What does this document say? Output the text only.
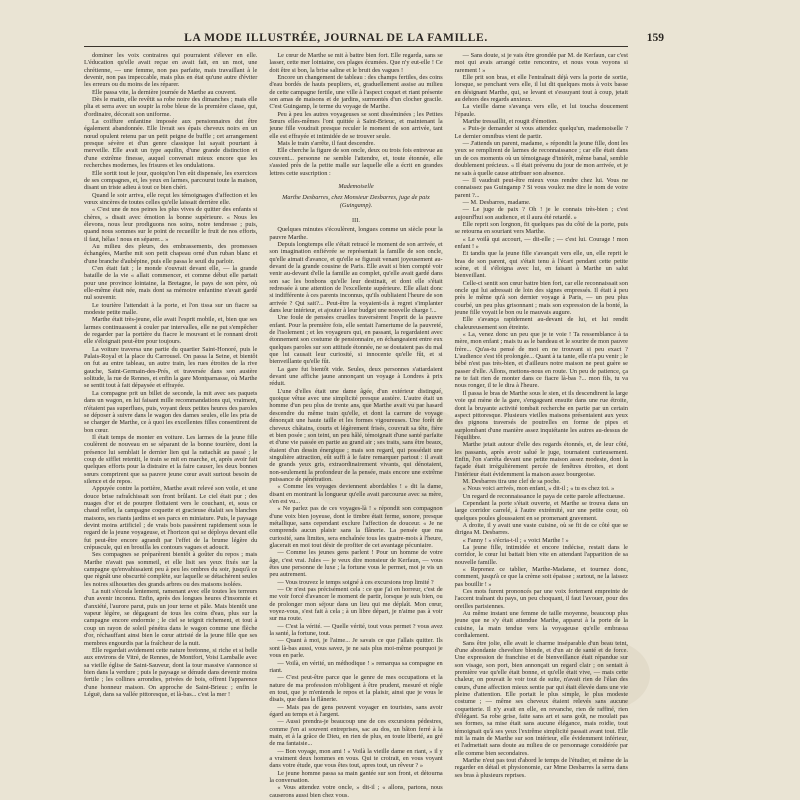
LA MODE ILLUSTRÉE, JOURNAL DE LA FAMILLE.	159

dominer les voix contraires qui pourraient s'élever en elle. L'éducation qu'elle avait reçue en avait fait, en un mot, une chrétienne, — une femme, non pas parfaite, mais travaillant à le devenir, non pas impeccable, mais plus en état qu'une autre d'éviter les erreurs ou du moins de les réparer.

Elle passa vite, la dernière journée de Marthe au couvent.

Dès le matin, elle revêtit sa robe noire des dimanches ; mais elle plia et serra avec un soupir la robe bleue de la première classe, qui, d'ordinaire, décorait son uniforme.

La coiffure enfantine imposée aux pensionnaires dut être également abandonnée. Elle livrait ses épais cheveux noirs en un nœud opulent retenu par un petit peigne de buffle ; cet arrangement presque sévère et d'un genre classique lui sayait pourtant à merveille. Elle avait un type aquilin, d'une grande distinction et d'une extrême finesse, auquel convenait mieux encore que les recherches modernes, les frisures et les ondulations.

Elle sortit tout le jour, quoiqu'on l'en eût dispensée, les exercices de ses compagnes, et, les yeux en larmes, parcourut toute la maison, disant un triste adieu à tout ce bien chéri.

Quand le soir arriva, elle reçut les témoignages d'affection et les vœux sincères de toutes celles qu'elle laissait derrière elle.

« C'est une de nos peines les plus vives de quitter des enfants si chères, » disait avec émotion la bonne supérieure. « Nous les élevons, nous leur prodiguons nos soins, notre tendresse ; puis, quand nous sommes sur le point de recueillir le fruit de nos efforts, il faut, hélas ! nous en séparer... »

Au milieu des pleurs, des embrassements, des promesses échangées, Marthe mit son petit chapeau orné d'un ruban blanc et d'une branche d'aubépine, puis elle passa le seuil du parloir.

C'en était fait ; le monde s'ouvrait devant elle, — la grande bataille de la vie « allait commencer, et comme début elle partait pour une province lointaine, la Bretagne, le pays de son père, où elle-même était née, mais dont sa mémoire enfantine n'avait gardé nul souvenir.

Le tourière l'attendait à la porte, et l'on tissa sur un fiacre sa modeste petite malle.

Marthe était très-jeune, elle avait l'esprit mobile, et, bien que ses larmes continuassent à couler par intervalles, elle ne put s'empêcher de regarder par la portière du fiacre le mouvant et le ronnant droit elle s'éloignait peut-être pour toujours.

La voiture traversa une partie du quartier Saint-Honoré, puis le Palais-Royal et la place du Carrousel. On passa la Seine, et bientôt on fut au entre tableau, un autre train, les rues étroites de la rive gauche, Saint-Germain-des-Prés, et traversée dans son austère solitude, la rue de Rennes, et enfin la gare Montparnasse, où Marthe se sentit tout à fait dépaysée et effrayée.

La compagne prit un billet de seconde, la mit avec ses paquets dans un wagon, en lui faisant mille recommandations qui, vraiment, n'étaient pas superflues, puis, voyant deux petites heures des paroles se déposer à suivre dans le wagon des dames seules, elle les pria de se charger de Marthe, ce à quoi les excellentes filles consentirent de bon cœur.

Il était temps de monter en voiture. Les larmes de la jeune fille coulèrent de nouveau en se séparant de la bonne tourière, dont la présence lui semblait le dernier lien qui la rattachât au passé ; le coup de sifflet retentit, le train se mit en marche, et, après avoir fait quelques efforts pour la distraire et la faire causer, les deux bonnes sœurs comprirent que sa pauvre jeune cœur avait surtout besoin de silence et de repos.

Appuyée contre la portière, Marthe avait relevé son voile, et une douce brise rafraîchissait son front brûlant. Le ciel était pur ; des nuages d'or et de pourpre flottaient vers le couchant, et, sous ce chaud reflet, la campagne coquette et gracieuse étalait ses blanches maisons, ses riants jardins et ses parcs en miniature. Puis, le paysage devint moins artificiel ; de vrais bois passèrent rapidement sous le regard de la jeune voyageuse, et l'horizon qui se déploya devant elle fut peut-être encore agrandi par l'effet de la brume légère du crépuscule, qui en brouilla les contours vagues et adoucit.

Ses compagnes se préparèrent bientôt à goûter du repos ; mais Marthe n'avait pas sommeil, et elle lisit ses yeux fixés sur la campagne qu'envahissaient peu à peu les ombres du soir, jusqu'à ce que règnât une obscurité complète, sur laquelle se détachèrent seules les noires silhouettes des grands arbres ou des maisons isolées.

La nuit s'écoula lentement, ramenant avec elle toutes les terreurs d'un avenir inconnu. Enfin, après des longues heures d'insomnie et d'anxiété, l'aurore parut, puis un jour terne et pâle. Mais bientôt une vapeur légère, se dégageant de tous les coins d'eau, plus sur la campagne encore endormie ; le ciel se teignit richement, et tout à coup un rayon de soleil pénétra dans le wagon comme une flèche d'or, réchauffant ainsi bien le cœur attristé de la jeune fille que ses membres engourdis par la fraîcheur de la nuit.

Elle regardait avidement cette nature bretonne, si riche et si belle aux environs de Vitré, de Rennes, de Montfort, Voisi Lamballe avec sa vieille église de Saint-Sauveur, dont la tour massive s'annonce si bien dans la verdure ; puis le paysage se dénude dans devenir moins fertile ; les collines arrondies, privées de bois, offrent l'apparence d'une honneur maison. On approche de Saint-Brieuc ; enfin le Léguë, dans sa vallée pittoresque, et là-bas... c'est la mer !

Le cœur de Marthe se mit à battre bien fort. Elle regarda, sans se lasser, cette mer lointaine, ces plages écumées. Que n'y eut-elle ! Ce doit être si bon, la brise saline et le bruit des vagues !

Encore un changement de tableau : des champs fertiles, des coins d'eau bordés de hauts peupliers, et, graduellement assise au milieu de cette campagne fertile, une ville à l'aspect coquet et riant présente son amas de maisons et de jardins, surmontés d'un clocher gracile. C'est Guingamp, le terme du voyage de Marthe.

Peu à peu les autres voyageuses se sont disséminées ; les Petites Sœurs elles-mêmes l'ont quittée à Saint-Brieuc, et maintenant la jeune fille voudrait presque reculer le moment de son arrivée, tant elle est effrayée et intimidée de se trouver seule.

Mais le train s'arrête, il faut descendre.

Elle cherche la figure de son oncle, deux ou trois fois entrevue au couvent... personne ne semble l'attendre, et, toute étonnée, elle s'assied près de la petite malle sur laquelle elle a écrit en grandes lettres cette suscription :

Mademoiselle

Marthe Desbarres, chez Monsieur Desbarres, juge de paix (Guingamp).

III.

Quelques minutes s'écoulèrent, longues comme un siècle pour la pauvre Marthe.

Depuis longtemps elle s'était retracé le moment de son arrivée, et son imagination enfiévrée se représentait la famille de son oncle, qu'elle aimait d'avance, et qu'elle se figurait venant joyeusement au-devant de la grande cousine de Paris. Elle avait si bien compté voir venir au-devant d'elle la famille au complet, qu'elle avait gardé dans son sac les bonbons qu'elle leur destinait, et dont elle s'était redressée à une attention de l'excellente supérieure. Elle allait donc si indifférente à ces parents inconnus, qu'ils oubliaient l'heure de son arrivée ? Qui sait?... Peut-être la voyaient-ils à regret s'implanter dans leur intérieur, et ajouter à leur budget une nouvelle charge !...

Une foule de pensées cruelles traversèrent l'esprit de la pauvre enfant. Pour la première fois, elle sentait l'amertume de la pauvreté, de l'isolement ; et les voyageurs qui, en passant, la regardaient avec étonnement son costume de pensionnaire, en échangeaient entre eux quelques paroles sur son attitude étonnée, ne se doutaient pas du mal que lui causait leur curiosité, si innocente qu'elle fût, et si bienveillante qu'elle fût.

La gare fut bientôt vide. Seules, deux personnes s'attardaient devant une affiche jaune annonçant un voyage à Londres à prix réduit.

L'une d'elles était une dame âgée, d'un extérieur distingué, quoique vêtue avec une simplicité presque austère. L'autre était un homme d'un peu plus de trente ans, que Marthe avait vu par hasard descendre du même train qu'elle, et dont la carrure de voyage dénonçait une haute taille et les formes vigoureuses. Une forêt de cheveux châtains, courts et légèrement frisés, couvrait sa tête, fière et bien posée ; son teint, un peu hâlé, témoignait d'une santé parfaite et d'une vie passée en partie au grand air ; ses traits, sans être beaux, étaient d'un dessin énergique ; mais son regard, qui possédait une singulière attraction, eût suffi à le faire remarquer partout : il avait de grands yeux gris, extraordinairement vivants, qui dénotaient, non-seulement la profondeur de la pensée, mais encore une extrême puissance de pénétration.

« Comme les voyages deviennent abordables ! » dit la dame, disant en montrant la longueur qu'elle avait parcourue avec sa mère, s'en est vu...

« Ne parlez pas de ces voyages-là ! » répondit son compagnon d'une voix bien joyeuse, dont le timbre était ferme, sonore, presque métallique, sans cependant exclure l'affection de douceur. « Je ne comprends aucun plaisir sans la flânerie. La pensée que ma curiosité, sans limites, sera enchaînée tous les quatre-mois à l'heure, glacerait en moi tout désir de profiter de cet avantage pécuniaire.

— Comme les jeunes gens parlent ! Pour un homme de votre âge, c'est vrai. Jules — je veux dire monsieur de Kerfaun, — vous êtes une personne de luxe ; la fortune vous le permet, moi je vis un peu autrement.

— Vous trouvez le temps soigné à ces excursions trop limité ?

— Or n'est pas précisément cela : ce que j'ai en horreur, c'est de me voir forcé d'avancer le moment de partir, lorsque je suis bien, ou de prolonger mon séjour dans un lieu qui me déplaît. Mon cœur, voyez-vous, s'est fait à cela ; à un libre départ, je n'aime pas à voir sur ma route.

— C'est la vérité. — Quelle vérité, tout vous permet ? vous avez la santé, la fortune, tout.

— Quant à moi, je l'aime... Je savais ce que j'allais quitter. Ils sont là-bas aussi, vous savez, je ne sais plus moi-même pourquoi je vous en parle.

— Voilà, en vérité, un méthodique ! » remarqua sa compagne en riant.

— C'est peut-être parce que le genre de mes occupations et la nature de ma profession m'obligent à être prudent, mesuré et régle en tout, que je m'entends le repos et la plaisir, ainsi que je vous le disais, que dans la flânerie.

— Mais pas de gens peuvent voyager en touristes, sans avoir égard au temps et à l'argent.

— Aussi prendra-je beaucoup une de ces excursions pédestres, comme j'en ai souvent entreprises, sac au dos, un bâton ferré à la main, et à la grâce de Dieu, en rien de plus, en toute liberté, au gré de ma fantaisie...

— Bon voyage, mon ami ! « Voilà la vieille dame en riant, » il y a vraiment deux hommes en vous. Qui te croirait, en vous voyant dans votre étude, que vous êtes tout, apres tout, un rêveur ? »

Le jeune homme passa sa main gantée sur son front, et détourna la conversation.

« Vous attendez votre oncle, » dit-il ; « allons, partons, nous causerons aussi bien chez vous.

— Sans doute, si je vais être grondée par M. de Kerfaun, car c'est moi qui avais arrangé cette rencontre, et nous vous voyons si rarement ! »

Elle prit son bras, et elle l'entraînait déjà vers la porte de sortie, lorsque, se penchant vers elle, il lui dit quelques mots à voix basse en désignant Marthe, qui, se levant et s'essuyant tout à coup, jetait au dehors des regards anxieux.

La vieille dame s'avança vers elle, et lui toucha doucement l'épaule.

Marthe tressaillit, et rougit d'émotion.

« Puis-je demander si vous attendez quelqu'un, mademoiselle ? Le dernier omnibus vient de partir.

— J'attends un parent, madame, » répondit la jeune fille, dont les yeux se remplirent de larmes de reconnaissance ; car elle était dans un de ces moments où un témoignage d'intérêt, même banal, semble doublement précieux. « Il était prévenu du jour de mon arrivée, et je ne sais à quelle cause attribuer son absence.

— Il vaudrait peut-être mieux vous rendre chez lui. Vous ne connaissez pas Guingamp ? Si vous voulez me dire le nom de votre parent ?...

— M. Desbarres, madame.

— Le juge de paix ? Oh ! je le connais très-bien ; c'est aujourd'hui son audience, et il aura été retardé. »

Elle reprit son lorgnon, fit quelques pas du côté de la porte, puis se retourna en souriant vers Marthe.

« Le voilà qui accourt, — dit-elle ; — c'est lui. Courage ! mon enfant ! »

Et tandis que la jeune fille s'avançait vers elle, un, elle reprit le bras de son parent, qui s'était tenu à l'écart pendant cette petite scène, et il s'éloigna avec lui, en faisant à Marthe un salut bienveillant.

Celle-ci sentit son cœur battre bien fort, car elle reconnaissait son oncle qui lui adressait de loin des signes empressés. Il était à peu près le même qu'à son dernier voyage à Paris, — un peu plus courbé, un peu plus grisonnant ; mais son expression de la bonté, la jeune fille voyait le bon ou le mauvais augure.

Elle s'avança rapidement au-devant de lui, et lui rendit chaleureusement son étreinte.

« La, venez donc un peu que je te voie ! Ta ressemblance à ta mère, mon enfant ; mais tu as le bandeau et le sourire de mon pauvre frère... Qu'as-tu pensé de moi en ne trouvant si peu exact ? L'audience s'est tôt prolongée... Quant à ta tante, elle n'a pu venir ; le bébé n'est pas très-bien, et d'ailleurs notre maison ne peut guère se passer d'elle. Allons, mettons-nous en route. Un peu de patience, ça ne te fait rien de monter dans ce fiacre là-bas ?... mon fils, tu va nous ronger, il te le dira à l'heure.

Il passa le bras de Marthe sous le sien, et ils descendirent la large voie qui mène de la gare, s'engageant ensuite dans une rue étroite, dont la bruyante activité tombait recherche en partie par un certain aspect pittoresque. Plusieurs vieilles maisons présentaient aux yeux des pignons traversés de poutrelles en forme de pipes et surplombant d'une manière assez inquiétante les autres au-dessus de l'équilibre.

Marthe jetait autour d'elle des regards étonnés, et, de leur côté, les passants, après avoir salué le juge, tournaient curieusement. Enfin, l'on s'arrêta devant une petite maison assez modeste, dont la façade était irrégulièrement percée de fenêtres étroites, et dont l'intérieur était évidemment la maison assez bourgeoise.

M. Desbarres tira une clef de sa poche.

« Nous voici arrivés, mon enfant, » dit-il ; « tu es chez toi. »

Un regard de reconnaissance le paya de cette parole affectueuse.

Cependant la porte s'était ouverte, et Marthe se trouva dans un large corridor carrelé, à l'autre extrémité, sur une petite cour, où quelques poules gloussaient en se promenant gravement.

A droite, il y avait une vaste cuisine, où se fit de ce côté que se dirigea M. Desbarres.

« Fanny ! » s'écria-t-il ; « voici Marthe ! »

La jeune fille, intimidée et encore indécise, restait dans le corridor, le cœur lui battait bien vite en attendant l'apparition de sa nouvelle famille.

« Reprenez ce tablier, Marthe-Madame, et tournez donc, comment, jusqu'à ce que la crème soit épaisse ; surtout, ne la laissez pas bouillir ! »

Ces mots furent prononcés par une voix fortement empreinte de l'accent traînant du pays, un peu choquant, il faut l'avouer, pour des oreilles parisiennes.

Au même instant une femme de taille moyenne, beaucoup plus jeune que ne s'y était attendue Marthe, apparut à la porte de la cuisine, la main tendue vers la voyageuse qu'elle embrassa cordialement.

Sans être jolie, elle avait le charme inséparable d'un beau teint, d'une abondante chevelure blonde, et d'un air de santé et de force. Une expression de franchise et de bienveillance était répandue sur son visage, son port, bien annonçait un regard clair ; on sentait à première vue qu'elle était bonne, et qu'elle était vive, — mais cette chaleur, on pouvait le voir tout de suite, n'avait rien de l'élan des cœurs, d'une affection mieux sentie par qui était élevée dans une vie pleine d'attention. Elle portait le plus simple, le plus modeste costume ; — même ses cheveux étaient relevés sans aucune coquetterie. Il n'y avait en elle, en revanche, rien de raffiné, rien d'élégant. Sa robe grise, faite sans art et sans goût, ne moulait pas ses formes, sa mise était sans aucune élégance, mais roidie, tout témoignait qu'à ses yeux l'extrême simplicité passait avant tout. Elle mit la main de Marthe sur son intérieur, elle évidemment inférieur, et l'admettait sans doute au milieu de ce personnage considérée par elle comme bien secondaires.

Marthe n'eut pas tout d'abord le temps de l'étudier, et même de la regarder en détail et physionomie, car Mme Desbarres la serra dans ses bras à plusieurs reprises.
